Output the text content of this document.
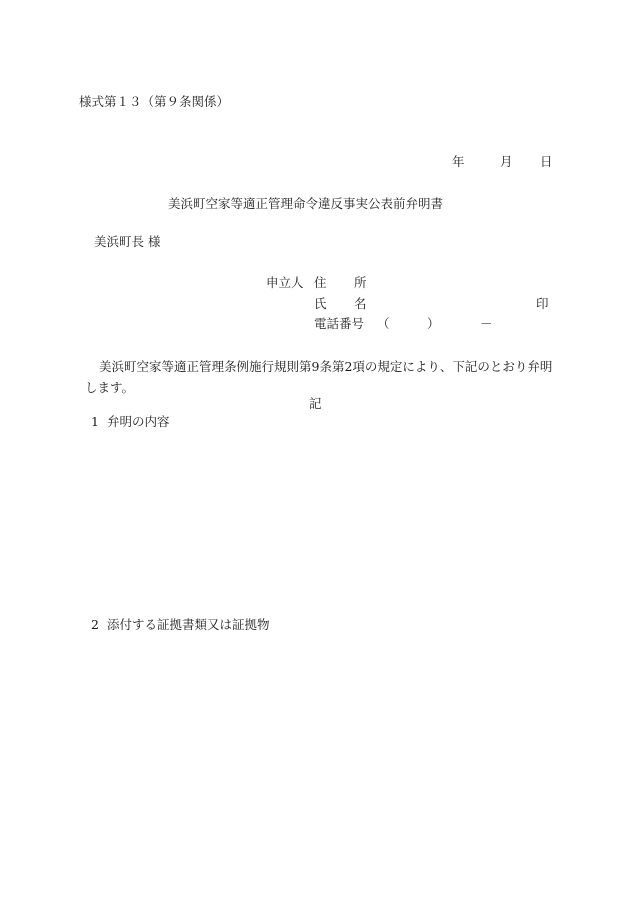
様式第１３（第９条関係）
年	月 日
美浜町空家等適正管理命令違反事実公表前弁明書
美浜町長 様
申立人 住 所
氏 名	印
電話番号 （	）	－
美浜町空家等適正管理条例施行規則第9条第2項の規定により、下記のとおり弁明します。
記
1 弁明の内容
2 添付する証拠書類又は証拠物
